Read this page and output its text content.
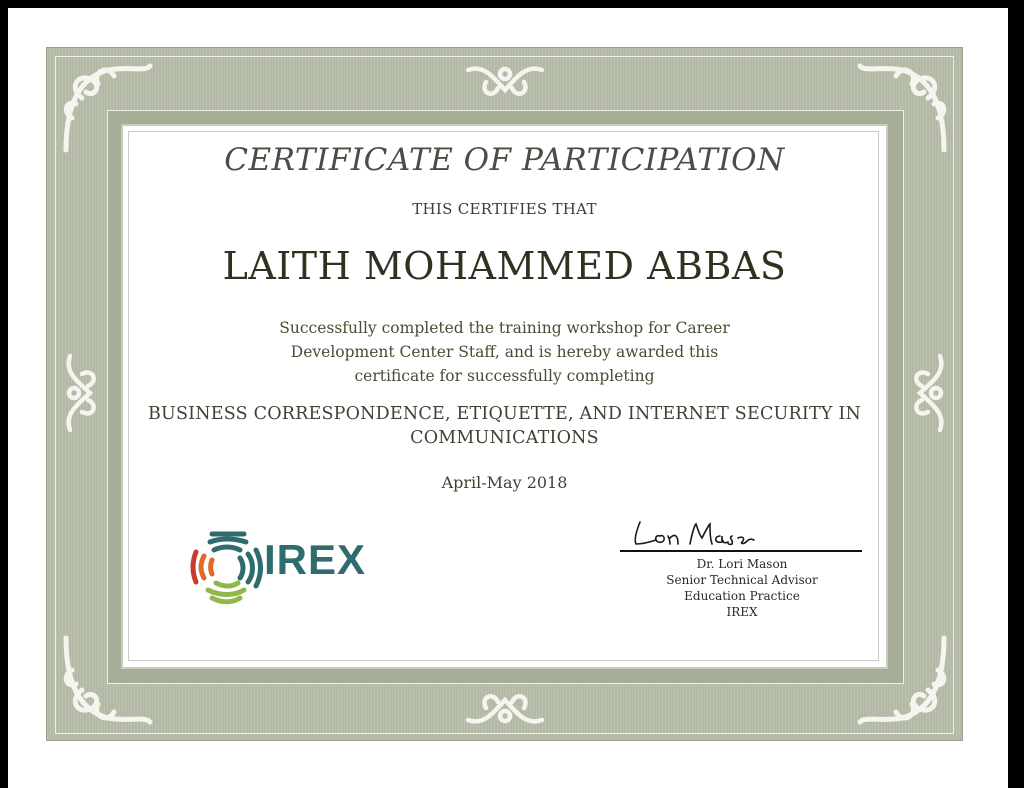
CERTIFICATE OF PARTICIPATION
THIS CERTIFIES THAT
LAITH MOHAMMED ABBAS
Successfully completed the training workshop for Career
Development Center Staff, and is hereby awarded this
certificate for successfully completing
BUSINESS CORRESPONDENCE, ETIQUETTE, AND INTERNET SECURITY IN
COMMUNICATIONS
April-May 2018
IREX	Dr. Lori Mason
Senior Technical Advisor
Education Practice
IREX
